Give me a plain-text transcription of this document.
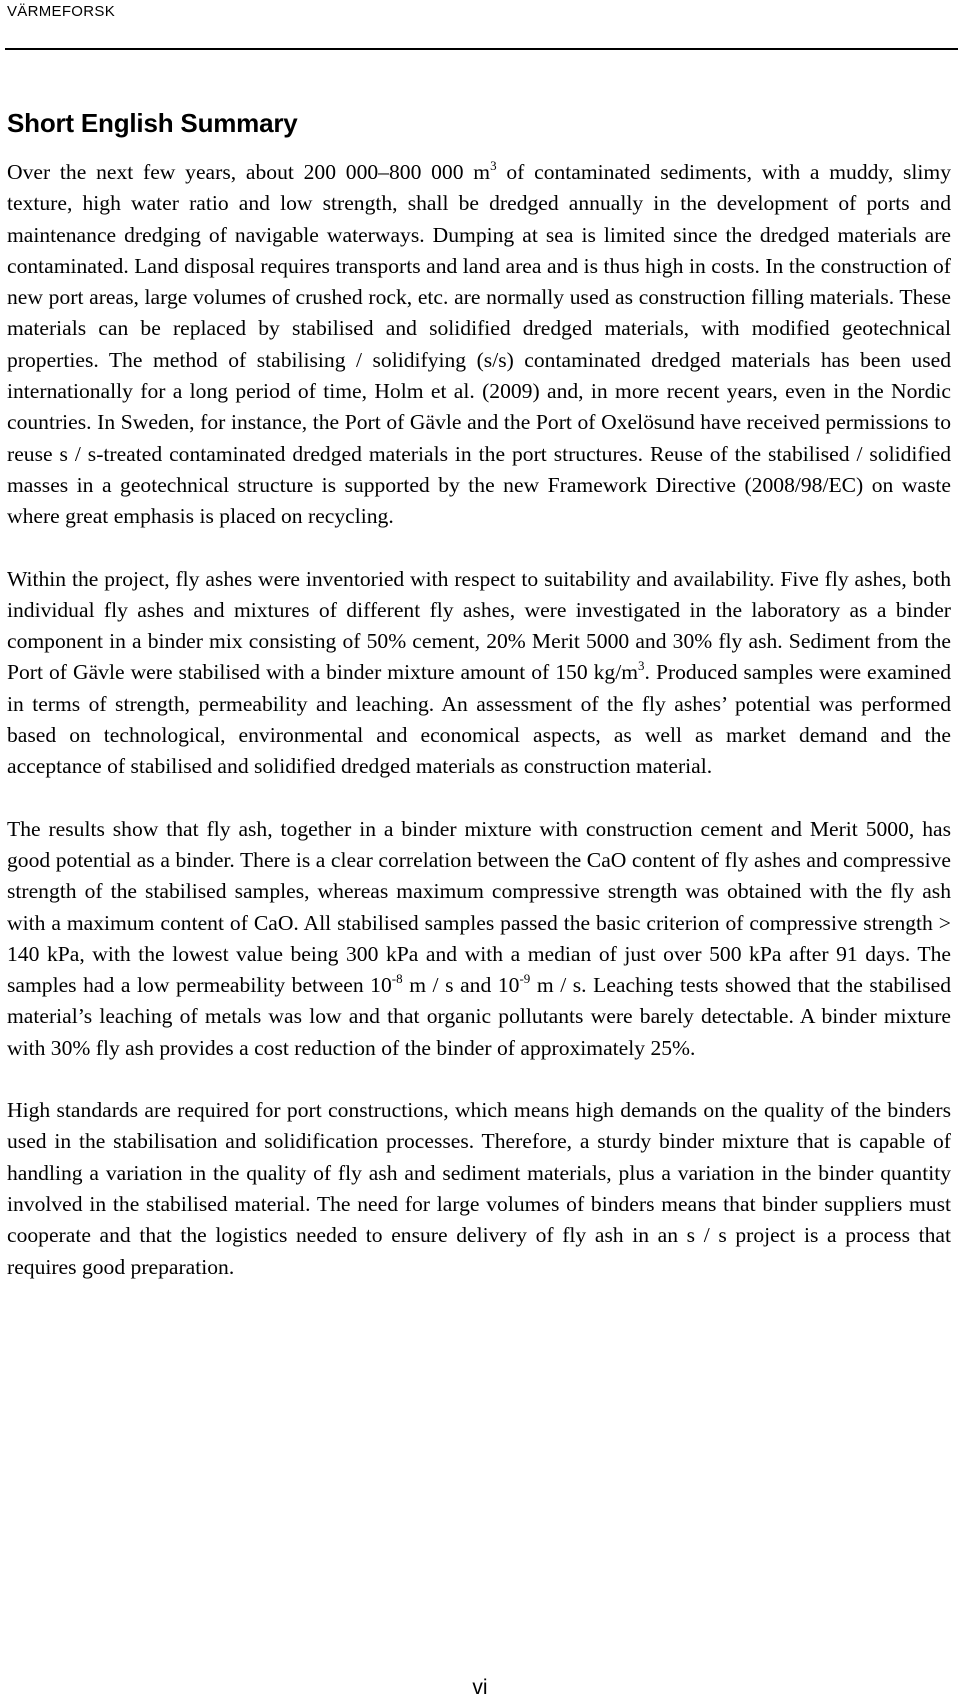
VÄRMEFORSK
Short English Summary

Over the next few years, about 200 000–800 000 $m^3$ of contaminated sediments, with a muddy, slimy texture, high water ratio and low strength, shall be dredged annually in the development of ports and maintenance dredging of navigable waterways. Dumping at sea is limited since the dredged materials are contaminated. Land disposal requires transports and land area and is thus high in costs. In the construction of new port areas, large volumes of crushed rock, etc. are normally used as construction filling materials. These materials can be replaced by stabilised and solidified dredged materials, with modified geotechnical properties. The method of stabilising / solidifying (s/s) contaminated dredged materials has been used internationally for a long period of time, Holm et al. (2009) and, in more recent years, even in the Nordic countries. In Sweden, for instance, the Port of Gävle and the Port of Oxelösund have received permissions to reuse s / s-treated contaminated dredged materials in the port structures. Reuse of the stabilised / solidified masses in a geotechnical structure is supported by the new Framework Directive (2008/98/EC) on waste where great emphasis is placed on recycling.

Within the project, fly ashes were inventoried with respect to suitability and availability. Five fly ashes, both individual fly ashes and mixtures of different fly ashes, were investigated in the laboratory as a binder component in a binder mix consisting of 50% cement, 20% Merit 5000 and 30% fly ash. Sediment from the Port of Gävle were stabilised with a binder mixture amount of 150 $kg/m^3$. Produced samples were examined in terms of strength, permeability and leaching. An assessment of the fly ashes’ potential was performed based on technological, environmental and economical aspects, as well as market demand and the acceptance of stabilised and solidified dredged materials as construction material.

The results show that fly ash, together in a binder mixture with construction cement and Merit 5000, has good potential as a binder. There is a clear correlation between the CaO content of fly ashes and compressive strength of the stabilised samples, whereas maximum compressive strength was obtained with the fly ash with a maximum content of CaO. All stabilised samples passed the basic criterion of compressive strength > 140 kPa, with the lowest value being 300 kPa and with a median of just over 500 kPa after 91 days. The samples had a low permeability between $10^{-8}$ m / s and $10^{-9}$ m / s. Leaching tests showed that the stabilised material’s leaching of metals was low and that organic pollutants were barely detectable. A binder mixture with 30% fly ash provides a cost reduction of the binder of approximately 25%.

High standards are required for port constructions, which means high demands on the quality of the binders used in the stabilisation and solidification processes. Therefore, a sturdy binder mixture that is capable of handling a variation in the quality of fly ash and sediment materials, plus a variation in the binder quantity involved in the stabilised material. The need for large volumes of binders means that binder suppliers must cooperate and that the logistics needed to ensure delivery of fly ash in an s / s project is a process that requires good preparation.

vi
